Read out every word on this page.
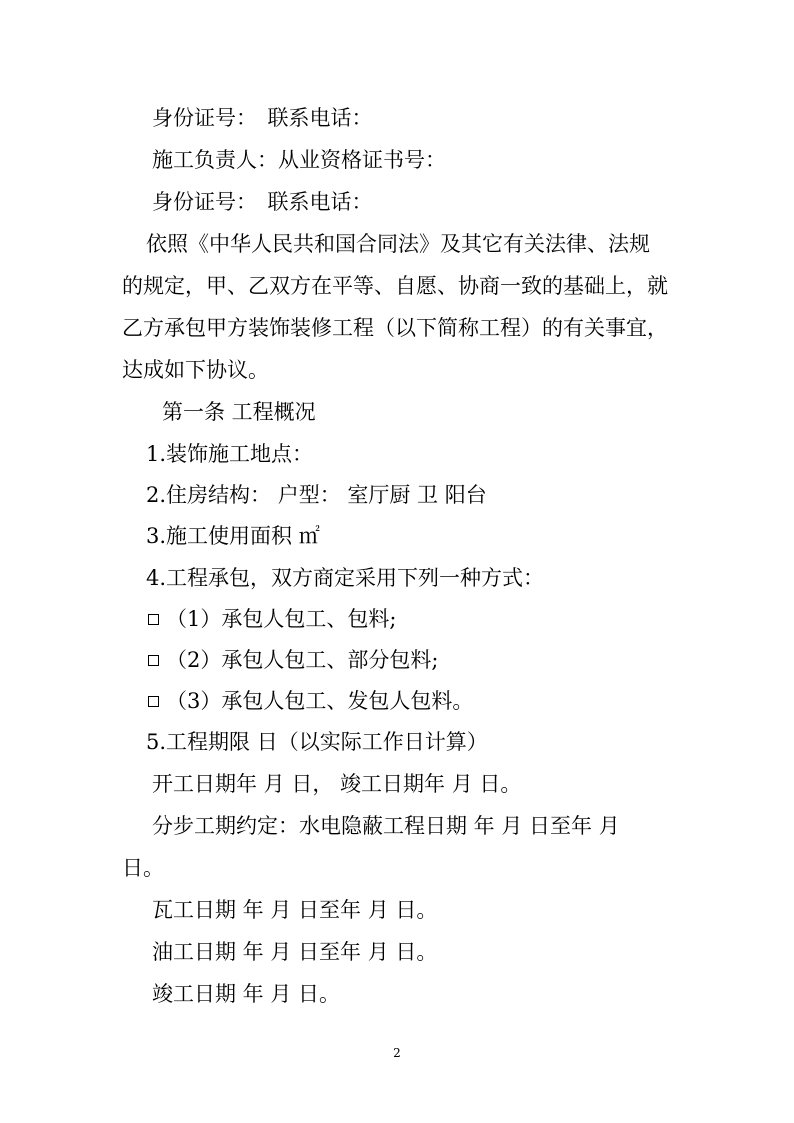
身份证号：　联系电话：
施工负责人：从业资格证书号：
身份证号：　联系电话：
依照《中华人民共和国合同法》及其它有关法律、法规
的规定，甲、乙双方在平等、自愿、协商一致的基础上，就
乙方承包甲方装饰装修工程（以下简称工程）的有关事宜，
达成如下协议。
第一条 工程概况
1.装饰施工地点：
2.住房结构： 户型： 室厅厨 卫 阳台
3.施工使用面积 ㎡
4.工程承包，双方商定采用下列一种方式：
（1）承包人包工、包料;
（2）承包人包工、部分包料;
（3）承包人包工、发包人包料。
5.工程期限 日（以实际工作日计算）
开工日期年 月 日， 竣工日期年 月 日。
分步工期约定：水电隐蔽工程日期 年 月 日至年 月
日。
瓦工日期 年 月 日至年 月 日。
油工日期 年 月 日至年 月 日。
竣工日期 年 月 日。
2
